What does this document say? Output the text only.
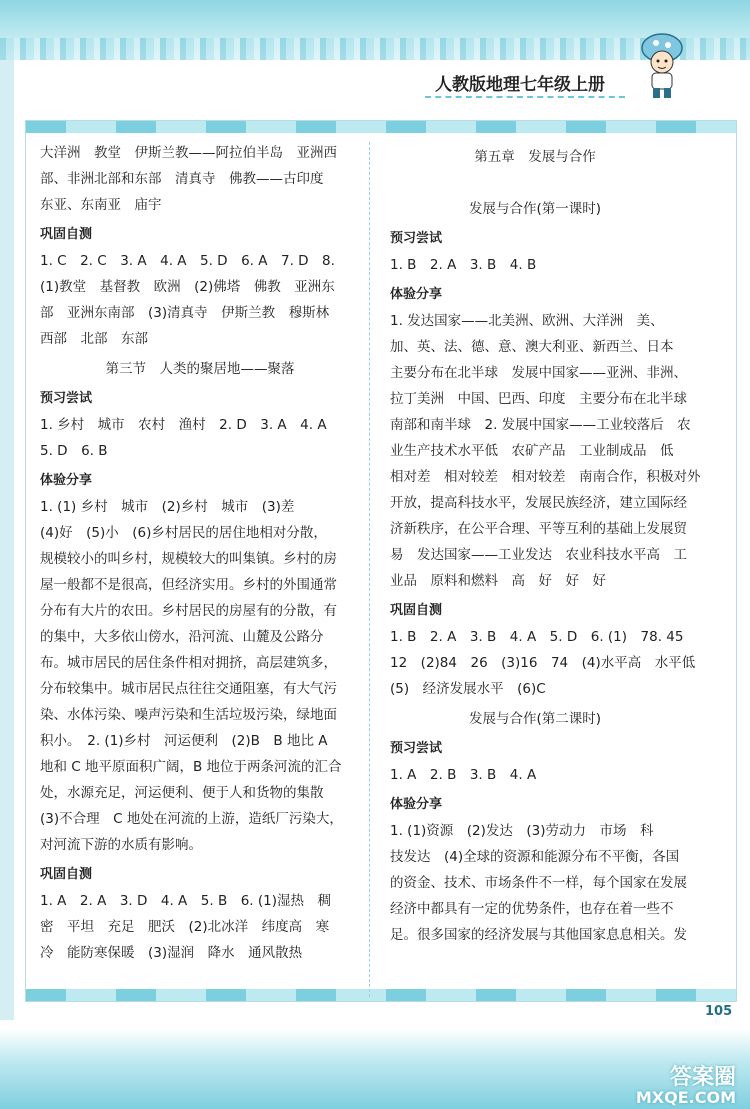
人教版地理七年级上册
大洋洲　教堂　伊斯兰教——阿拉伯半岛　亚洲西
部、非洲北部和东部　清真寺　佛教——古印度
东亚、东南亚　庙宇
巩固自测
1. C　2. C　3. A　4. A　5. D　6. A　7. D　8.
(1)教堂　基督教　欧洲　(2)佛塔　佛教　亚洲东
部　亚洲东南部　(3)清真寺　伊斯兰教　穆斯林
西部　北部　东部
第三节　人类的聚居地——聚落
预习尝试
1. 乡村　城市　农村　渔村　2. D　3. A　4. A
5. D　6. B
体验分享
1. (1) 乡村　城市　(2)乡村　城市　(3)差
(4)好　(5)小　(6)乡村居民的居住地相对分散，
规模较小的叫乡村，规模较大的叫集镇。乡村的房
屋一般都不是很高，但经济实用。乡村的外围通常
分布有大片的农田。乡村居民的房屋有的分散，有
的集中，大多依山傍水，沿河流、山麓及公路分
布。城市居民的居住条件相对拥挤，高层建筑多，
分布较集中。城市居民点往往交通阻塞，有大气污
染、水体污染、噪声污染和生活垃圾污染，绿地面
积小。　2. (1)乡村　河运便利　(2)B　B 地比 A
地和 C 地平原面积广阔，B 地位于两条河流的汇合
处，水源充足，河运便利、便于人和货物的集散
(3)不合理　C 地处在河流的上游，造纸厂污染大，
对河流下游的水质有影响。
巩固自测
1. A　2. A　3. D　4. A　5. B　6. (1)湿热　稠
密　平坦　充足　肥沃　(2)北冰洋　纬度高　寒
冷　能防寒保暖　(3)湿润　降水　通风散热
第五章　发展与合作
发展与合作(第一课时)
预习尝试
1. B　2. A　3. B　4. B
体验分享
1. 发达国家——北美洲、欧洲、大洋洲　美、
加、英、法、德、意、澳大利亚、新西兰、日本
主要分布在北半球　发展中国家——亚洲、非洲、
拉丁美洲　中国、巴西、印度　主要分布在北半球
南部和南半球　2. 发展中国家——工业较落后　农
业生产技术水平低　农矿产品　工业制成品　低
相对差　相对较差　相对较差　南南合作，积极对外
开放，提高科技水平，发展民族经济，建立国际经
济新秩序，在公平合理、平等互利的基础上发展贸
易　发达国家——工业发达　农业科技水平高　工
业品　原料和燃料　高　好　好　好
巩固自测
1. B　2. A　3. B　4. A　5. D　6. (1)　78. 45
12　(2)84　26　(3)16　74　(4)水平高　水平低
(5)　经济发展水平　(6)C
发展与合作(第二课时)
预习尝试
1. A　2. B　3. B　4. A
体验分享
1. (1)资源　(2)发达　(3)劳动力　市场　科
技发达　(4)全球的资源和能源分布不平衡，各国
的资金、技术、市场条件不一样，每个国家在发展
经济中都具有一定的优势条件，也存在着一些不
足。很多国家的经济发展与其他国家息息相关。发
105
答案圈
MXQE.COM
